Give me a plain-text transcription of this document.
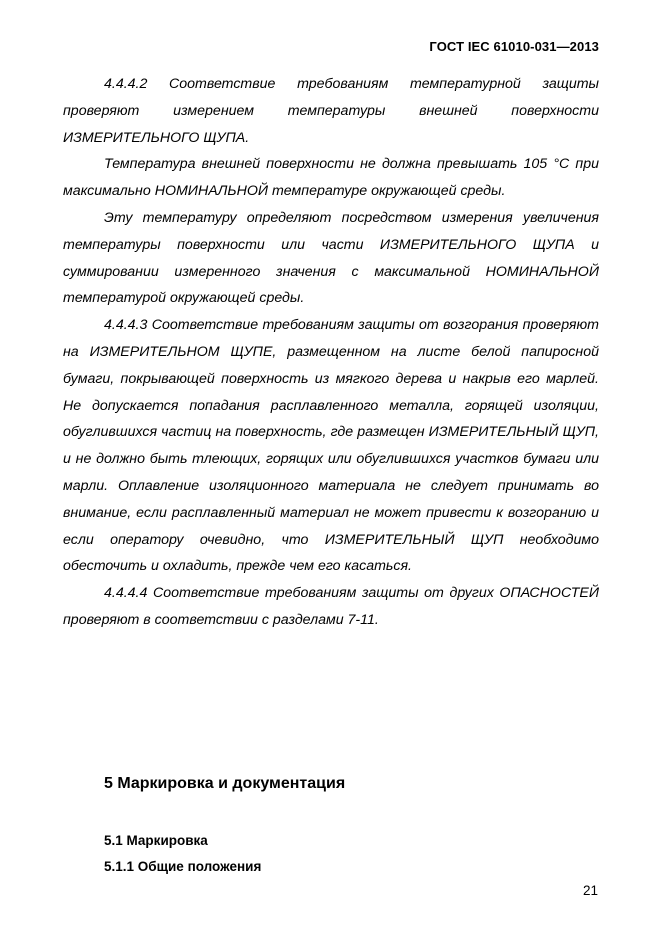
ГОСТ IEC 61010-031—2013

4.4.4.2 Соответствие требованиям температурной защиты проверяют измерением температуры внешней поверхности ИЗМЕРИТЕЛЬНОГО ЩУПА.

Температура внешней поверхности не должна превышать 105 °С при максимально НОМИНАЛЬНОЙ температуре окружающей среды.

Эту температуру определяют посредством измерения увеличения температуры поверхности или части ИЗМЕРИТЕЛЬНОГО ЩУПА и суммировании измеренного значения с максимальной НОМИНАЛЬНОЙ температурой окружающей среды.

4.4.4.3 Соответствие требованиям защиты от возгорания проверяют на ИЗМЕРИТЕЛЬНОМ ЩУПЕ, размещенном на листе белой папиросной бумаги, покрывающей поверхность из мягкого дерева и накрыв его марлей. Не допускается попадания расплавленного металла, горящей изоляции, обуглившихся частиц на поверхность, где размещен ИЗМЕРИТЕЛЬНЫЙ ЩУП, и не должно быть тлеющих, горящих или обуглившихся участков бумаги или марли. Оплавление изоляционного материала не следует принимать во внимание, если расплавленный материал не может привести к возгоранию и если оператору очевидно, что ИЗМЕРИТЕЛЬНЫЙ ЩУП необходимо обесточить и охладить, прежде чем его касаться.

4.4.4.4 Соответствие требованиям защиты от других ОПАСНОСТЕЙ проверяют в соответствии с разделами 7-11.

5 Маркировка и документация
5.1 Маркировка
5.1.1 Общие положения
21
